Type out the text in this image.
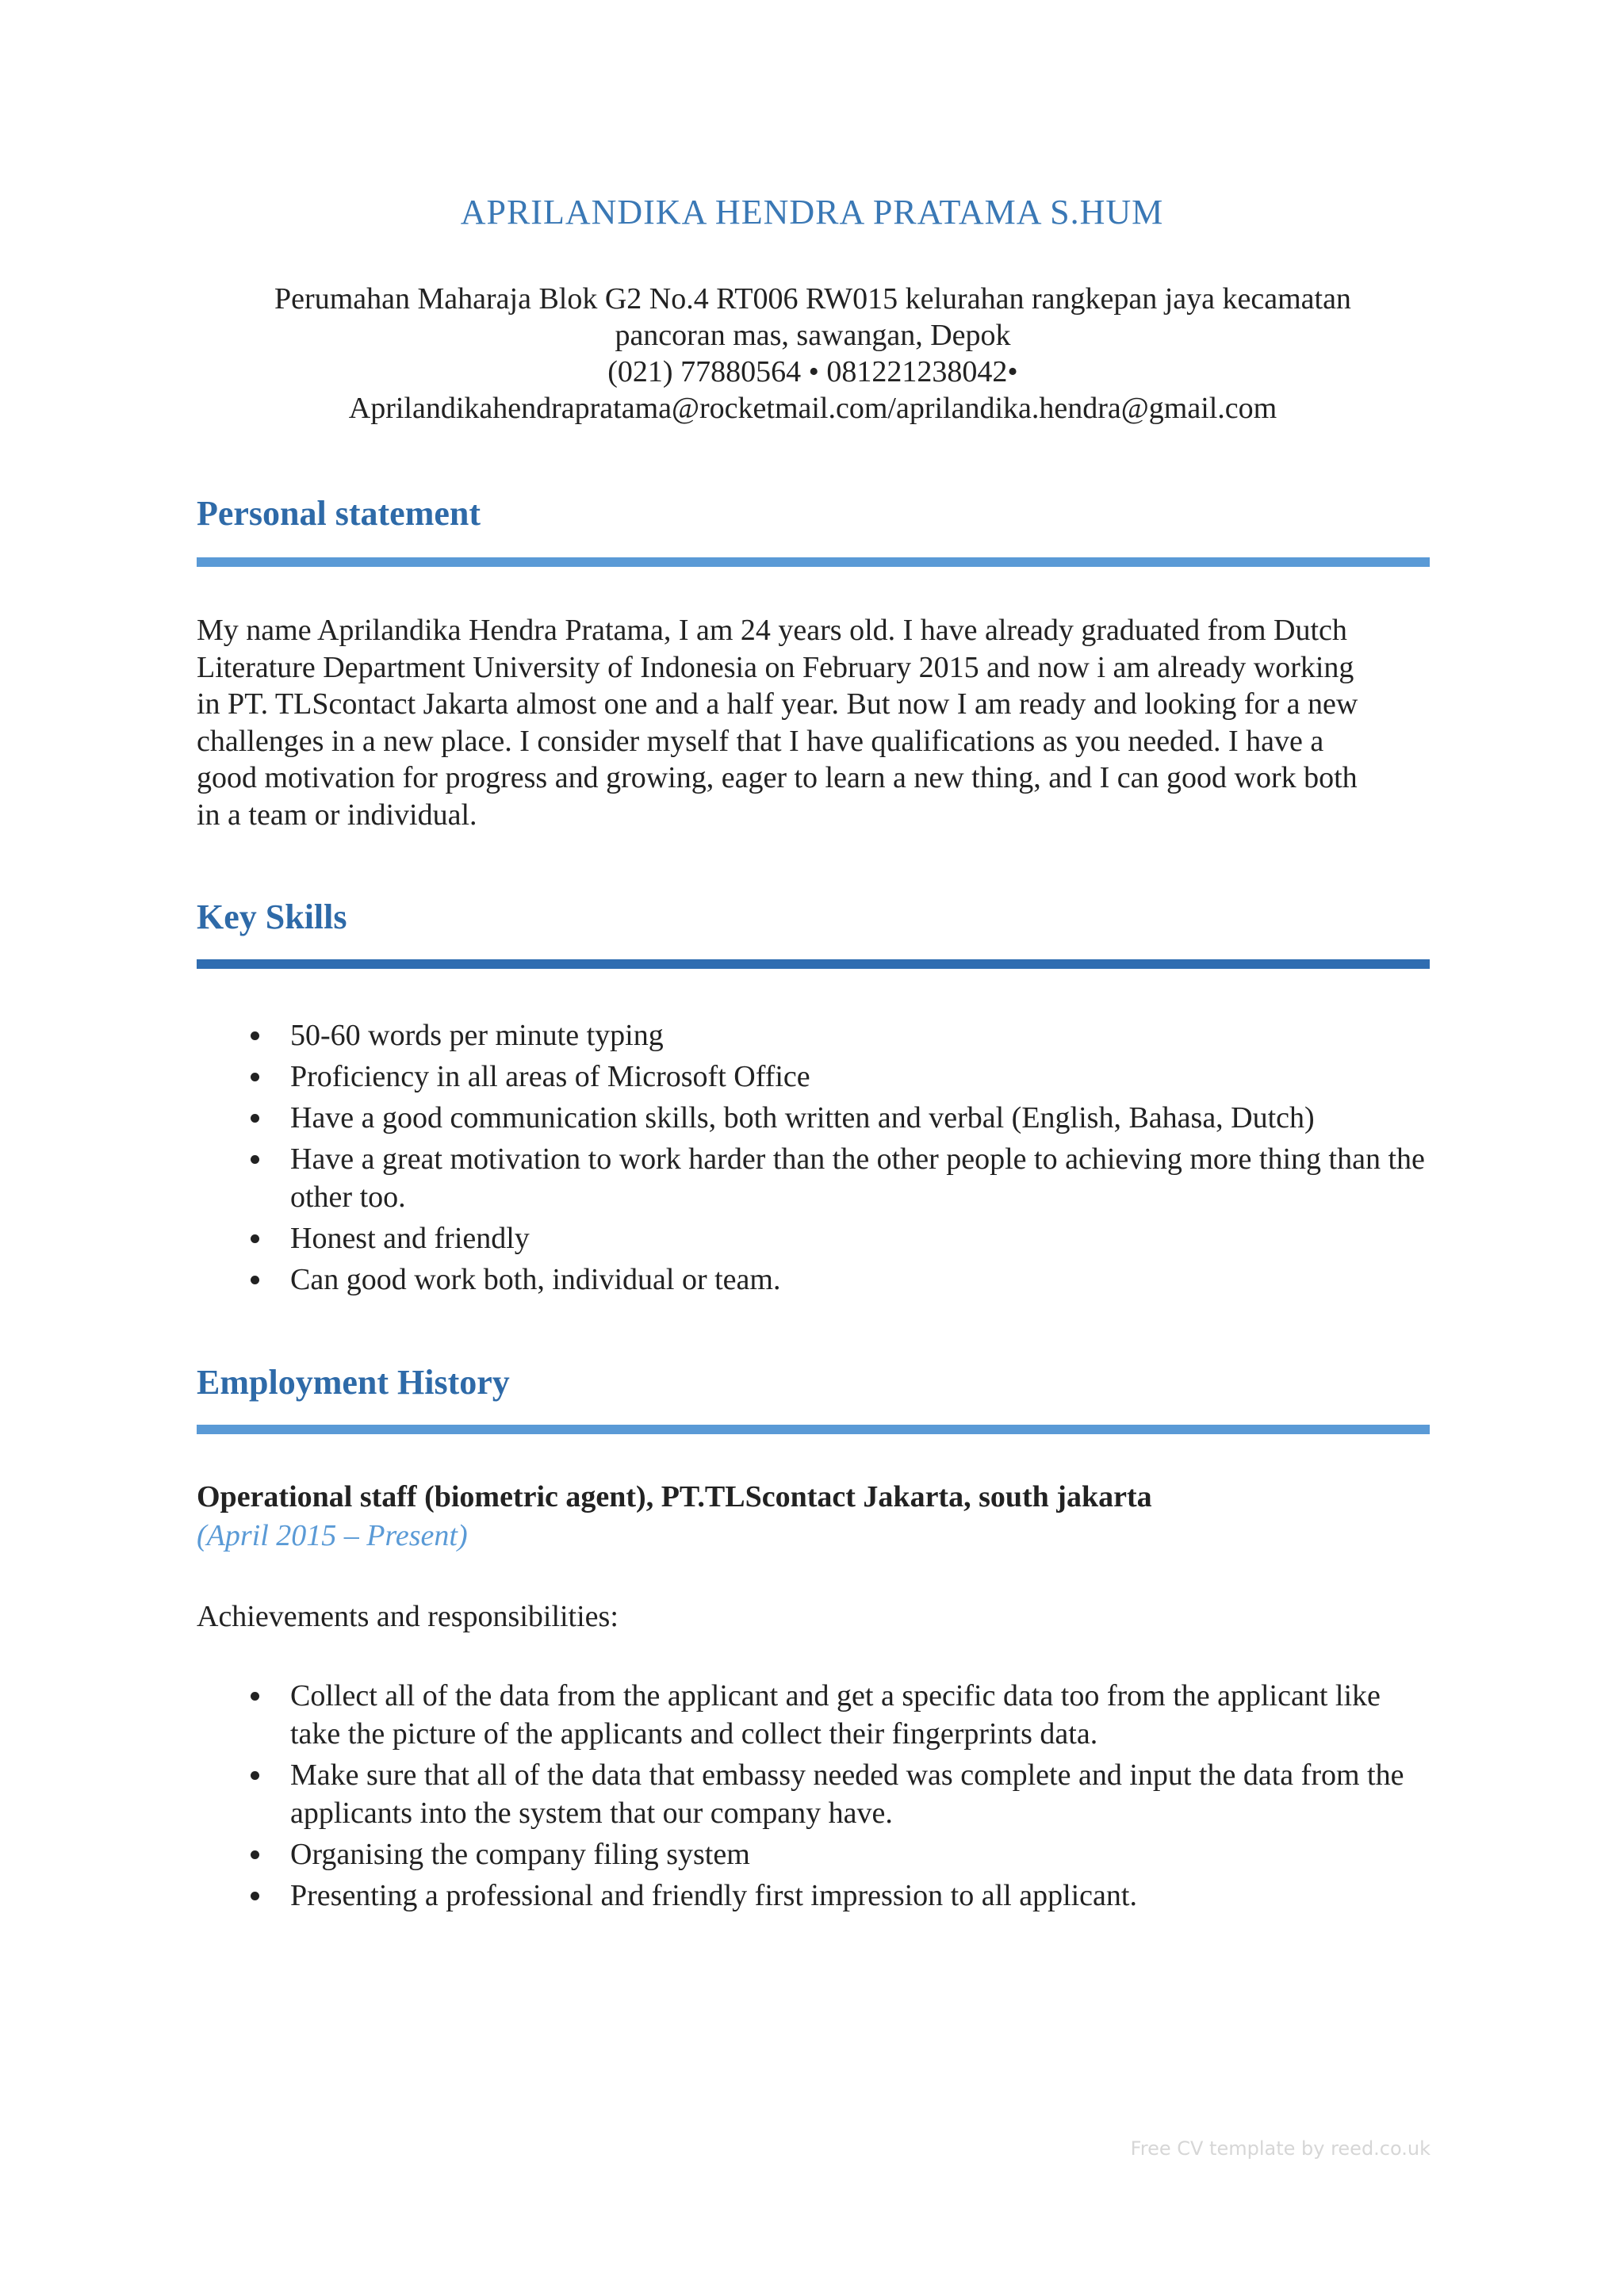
APRILANDIKA HENDRA PRATAMA S.HUM
Perumahan Maharaja Blok G2 No.4 RT006 RW015 kelurahan rangkepan jaya kecamatan
pancoran mas, sawangan, Depok
(021) 77880564 • 081221238042•
Aprilandikahendrapratama@rocketmail.com/aprilandika.hendra@gmail.com
Personal statement
My name Aprilandika Hendra Pratama, I am 24 years old. I have already graduated from Dutch
Literature Department University of Indonesia on February 2015 and now i am already working
in PT. TLScontact Jakarta almost one and a half year. But now I am ready and looking for a new
challenges in a new place. I consider myself that I have qualifications as you needed. I have a
good motivation for progress and growing, eager to learn a new thing, and I can good work both
in a team or individual.
Key Skills
50-60 words per minute typing
Proficiency in all areas of Microsoft Office
Have a good communication skills, both written and verbal (English, Bahasa, Dutch)
Have a great motivation to work harder than the other people to achieving more thing than the other too.
Honest and friendly
Can good work both, individual or team.
Employment History
Operational staff (biometric agent), PT.TLScontact Jakarta, south jakarta
(April 2015 – Present)
Achievements and responsibilities:
Collect all of the data from the applicant and get a specific data too from the applicant like take the picture of the applicants and collect their fingerprints data.
Make sure that all of the data that embassy needed was complete and input the data from the applicants into the system that our company have.
Organising the company filing system
Presenting a professional and friendly first impression to all applicant.
Free CV template by reed.co.uk
